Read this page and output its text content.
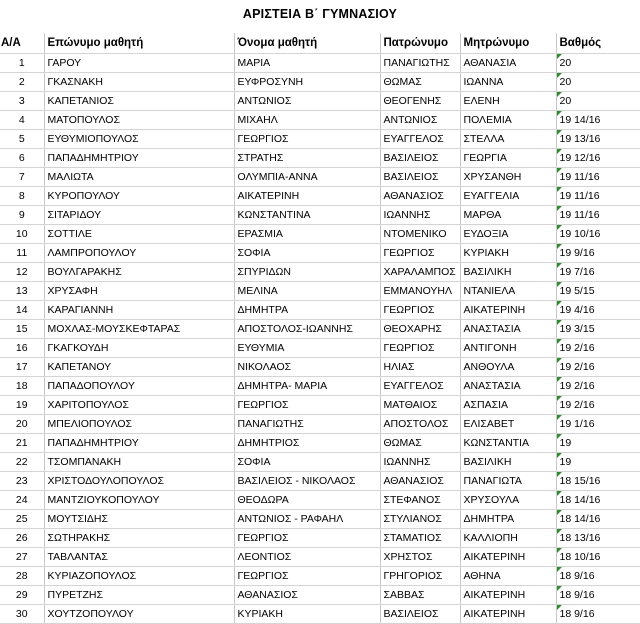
ΑΡΙΣΤΕΙΑ Β΄ ΓΥΜΝΑΣΙΟΥ
Α/Α	Επώνυμο μαθητή	Όνομα μαθητή	Πατρώνυμο	Μητρώνυμο	Βαθμός
1	ΓΑΡΟΥ	ΜΑΡΙΑ	ΠΑΝΑΓΙΩΤΗΣ	ΑΘΑΝΑΣΙΑ	20
2	ΓΚΑΣΝΑΚΗ	ΕΥΦΡΟΣΥΝΗ	ΘΩΜΑΣ	ΙΩΑΝΝΑ	20
3	ΚΑΠΕΤΑΝΙΟΣ	ΑΝΤΩΝΙΟΣ	ΘΕΟΓΕΝΗΣ	ΕΛΕΝΗ	20
4	ΜΑΤΟΠΟΥΛΟΣ	ΜΙΧΑΗΛ	ΑΝΤΩΝΙΟΣ	ΠΟΛΕΜΙΑ	19 14/16
5	ΕΥΘΥΜΙΟΠΟΥΛΟΣ	ΓΕΩΡΓΙΟΣ	ΕΥΑΓΓΕΛΟΣ	ΣΤΕΛΛΑ	19 13/16
6	ΠΑΠΑΔΗΜΗΤΡΙΟΥ	ΣΤΡΑΤΗΣ	ΒΑΣΙΛΕΙΟΣ	ΓΕΩΡΓΙΑ	19 12/16
7	ΜΑΛΙΩΤΑ	ΟΛΥΜΠΙΑ-ΑΝΝΑ	ΒΑΣΙΛΕΙΟΣ	ΧΡΥΣΑΝΘΗ	19 11/16
8	ΚΥΡΟΠΟΥΛΟΥ	ΑΙΚΑΤΕΡΙΝΗ	ΑΘΑΝΑΣΙΟΣ	ΕΥΑΓΓΕΛΙΑ	19 11/16
9	ΣΙΤΑΡΙΔΟΥ	ΚΩΝΣΤΑΝΤΙΝΑ	ΙΩΑΝΝΗΣ	ΜΑΡΘΑ	19 11/16
10	ΣΟΤΤΙΛΕ	ΕΡΑΣΜΙΑ	ΝΤΟΜΕΝΙΚΟ	ΕΥΔΟΞΙΑ	19 10/16
11	ΛΑΜΠΡΟΠΟΥΛΟΥ	ΣΟΦΙΑ	ΓΕΩΡΓΙΟΣ	ΚΥΡΙΑΚΗ	19 9/16
12	ΒΟΥΛΓΑΡΑΚΗΣ	ΣΠΥΡΙΔΩΝ	ΧΑΡΑΛΑΜΠΟΣ	ΒΑΣΙΛΙΚΗ	19 7/16
13	ΧΡΥΣΑΦΗ	ΜΕΛΙΝΑ	ΕΜΜΑΝΟΥΗΛ	ΝΤΑΝΙΕΛΑ	19 5/15
14	ΚΑΡΑΓΙΑΝΝΗ	ΔΗΜΗΤΡΑ	ΓΕΩΡΓΙΟΣ	ΑΙΚΑΤΕΡΙΝΗ	19 4/16
15	ΜΟΧΛΑΣ-ΜΟΥΣΚΕΦΤΑΡΑΣ	ΑΠΟΣΤΟΛΟΣ-ΙΩΑΝΝΗΣ	ΘΕΟΧΑΡΗΣ	ΑΝΑΣΤΑΣΙΑ	19 3/15
16	ΓΚΑΓΚΟΥΔΗ	ΕΥΘΥΜΙΑ	ΓΕΩΡΓΙΟΣ	ΑΝΤΙΓΟΝΗ	19 2/16
17	ΚΑΠΕΤΑΝΟΥ	ΝΙΚΟΛΑΟΣ	ΗΛΙΑΣ	ΑΝΘΟΥΛΑ	19 2/16
18	ΠΑΠΑΔΟΠΟΥΛΟΥ	ΔΗΜΗΤΡΑ- ΜΑΡΙΑ	ΕΥΑΓΓΕΛΟΣ	ΑΝΑΣΤΑΣΙΑ	19 2/16
19	ΧΑΡΙΤΟΠΟΥΛΟΣ	ΓΕΩΡΓΙΟΣ	ΜΑΤΘΑΙΟΣ	ΑΣΠΑΣΙΑ	19 2/16
20	ΜΠΕΛΙΟΠΟΥΛΟΣ	ΠΑΝΑΓΙΩΤΗΣ	ΑΠΟΣΤΟΛΟΣ	ΕΛΙΣΑΒΕΤ	19 1/16
21	ΠΑΠΑΔΗΜΗΤΡΙΟΥ	ΔΗΜΗΤΡΙΟΣ	ΘΩΜΑΣ	ΚΩΝΣΤΑΝΤΙΑ	19
22	ΤΣΟΜΠΑΝΑΚΗ	ΣΟΦΙΑ	ΙΩΑΝΝΗΣ	ΒΑΣΙΛΙΚΗ	19
23	ΧΡΙΣΤΟΔΟΥΛΟΠΟΥΛΟΣ	ΒΑΣΙΛΕΙΟΣ - ΝΙΚΟΛΑΟΣ	ΑΘΑΝΑΣΙΟΣ	ΠΑΝΑΓΙΩΤΑ	18 15/16
24	ΜΑΝΤΖΙΟΥΚΟΠΟΥΛΟΥ	ΘΕΟΔΩΡΑ	ΣΤΕΦΑΝΟΣ	ΧΡΥΣΟΥΛΑ	18 14/16
25	ΜΟΥΤΣΙΔΗΣ	ΑΝΤΩΝΙΟΣ - ΡΑΦΑΗΛ	ΣΤΥΛΙΑΝΟΣ	ΔΗΜΗΤΡΑ	18 14/16
26	ΣΩΤΗΡΑΚΗΣ	ΓΕΩΡΓΙΟΣ	ΣΤΑΜΑΤΙΟΣ	ΚΑΛΛΙΟΠΗ	18 13/16
27	ΤΑΒΛΑΝΤΑΣ	ΛΕΟΝΤΙΟΣ	ΧΡΗΣΤΟΣ	ΑΙΚΑΤΕΡΙΝΗ	18 10/16
28	ΚΥΡΙΑΖΟΠΟΥΛΟΣ	ΓΕΩΡΓΙΟΣ	ΓΡΗΓΟΡΙΟΣ	ΑΘΗΝΑ	18 9/16
29	ΠΥΡΕΤΖΗΣ	ΑΘΑΝΑΣΙΟΣ	ΣΑΒΒΑΣ	ΑΙΚΑΤΕΡΙΝΗ	18 9/16
30	ΧΟΥΤΖΟΠΟΥΛΟΥ	ΚΥΡΙΑΚΗ	ΒΑΣΙΛΕΙΟΣ	ΑΙΚΑΤΕΡΙΝΗ	18 9/16
